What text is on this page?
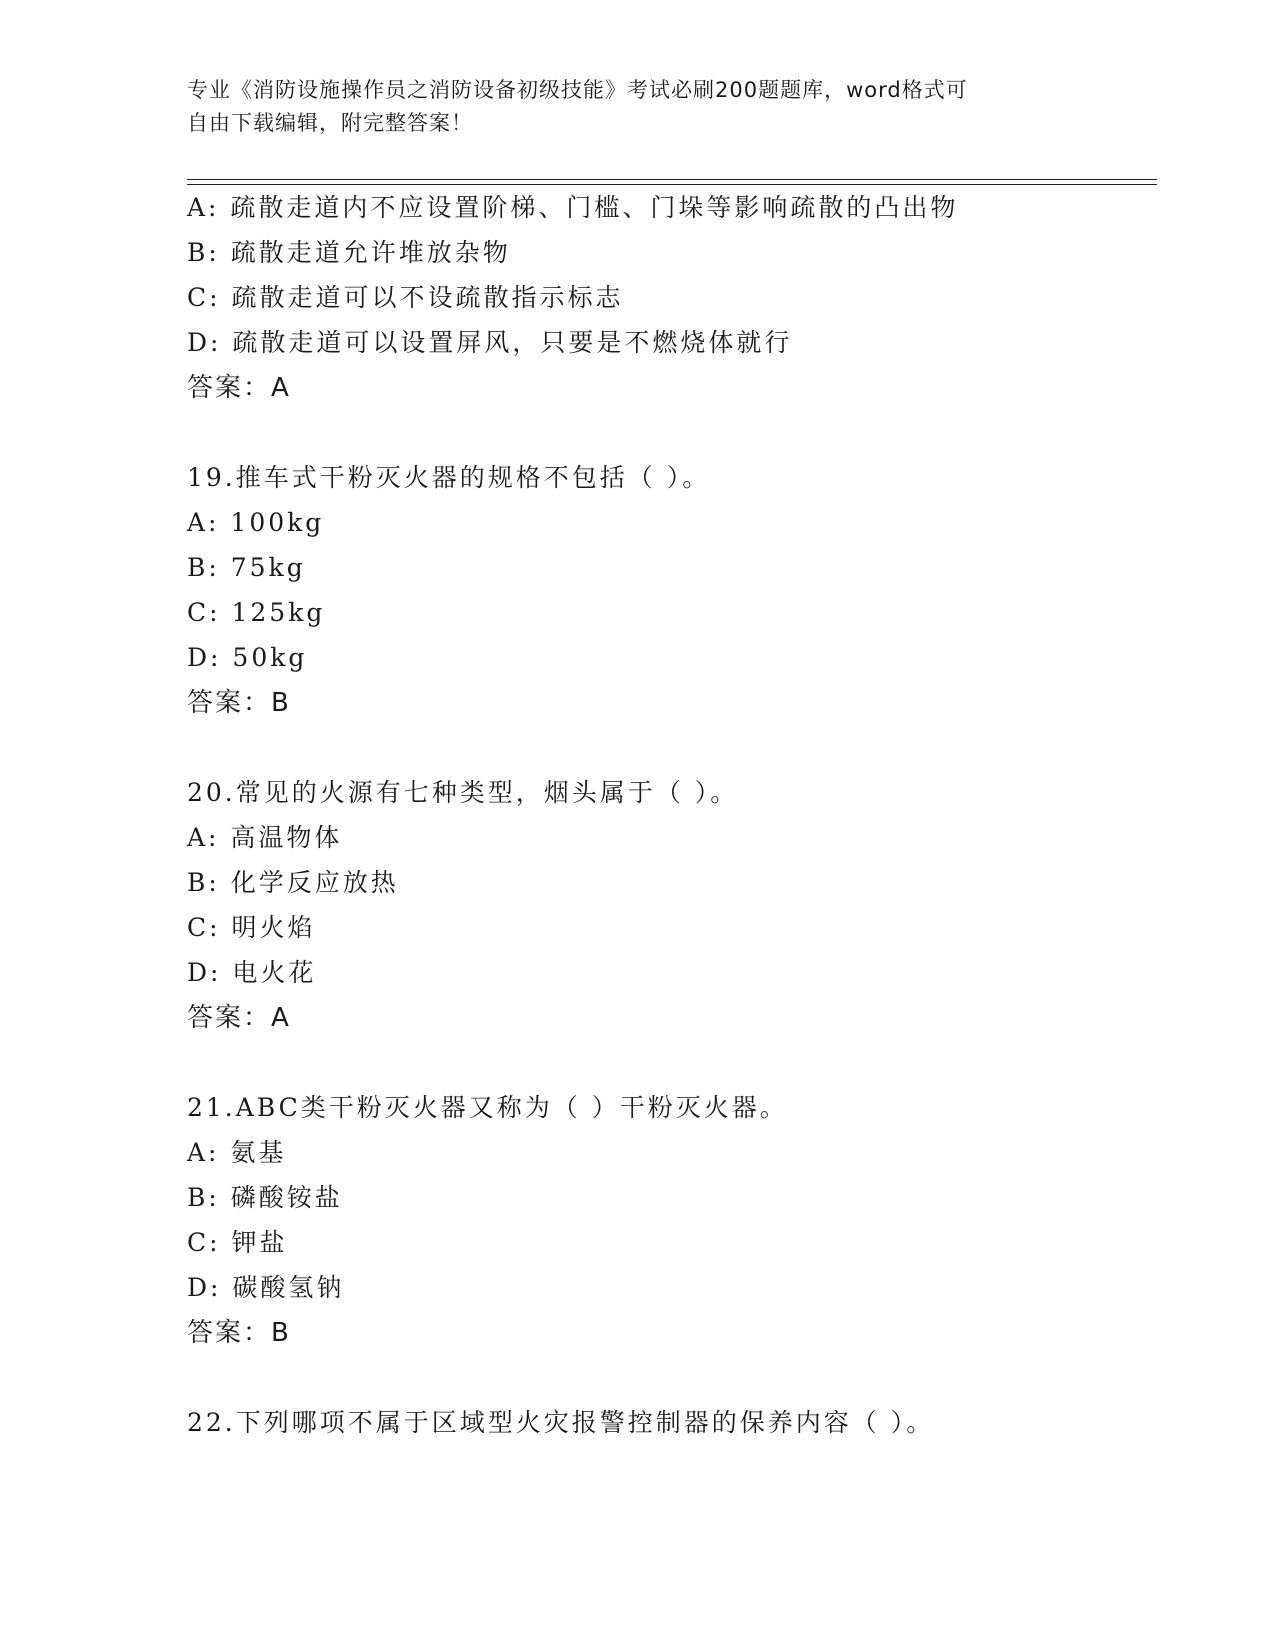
专业《消防设施操作员之消防设备初级技能》考试必刷200题题库，word格式可
自由下载编辑，附完整答案！
A: 疏散走道内不应设置阶梯、门槛、门垛等影响疏散的凸出物
B: 疏散走道允许堆放杂物
C: 疏散走道可以不设疏散指示标志
D: 疏散走道可以设置屏风，只要是不燃烧体就行
答案：A
19.推车式干粉灭火器的规格不包括（ ）。
A: 100kg
B: 75kg
C: 125kg
D: 50kg
答案：B
20.常见的火源有七种类型，烟头属于（ ）。
A: 高温物体
B: 化学反应放热
C: 明火焰
D: 电火花
答案：A
21.ABC类干粉灭火器又称为（ ）干粉灭火器。
A: 氨基
B: 磷酸铵盐
C: 钾盐
D: 碳酸氢钠
答案：B
22.下列哪项不属于区域型火灾报警控制器的保养内容（ ）。
